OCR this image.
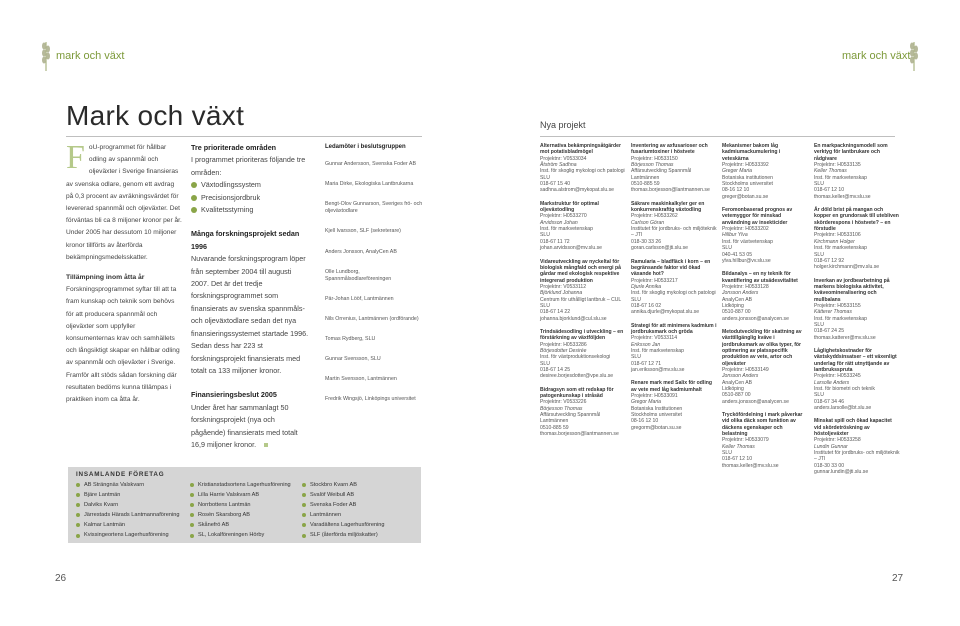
mark och växt	mark och växt
Mark och växt	Nya projekt
F oU-programmet för hållbar odling av spannmål och oljeväxter i Sverige finansieras av svenska odlare, genom ett avdrag på 0,3 procent av avräkningsvärdet för levererad spannmål och oljeväxter. Det förväntas bli ca 8 miljoner kronor per år. Under 2005 har dessutom 10 miljoner kronor tillförts av återförda bekämpningsmedelsskatter.

Tillämpning inom åtta år

Forskningsprogrammet syftar till att ta fram kunskap och teknik som behövs för att producera spannmål och oljeväxter som uppfyller konsumenternas krav och samhällets och långsiktigt skapar en hållbar odling av spannmål och oljeväxter i Sverige. Framför allt stöds sådan forskning där resultaten bedöms kunna tillämpas i praktiken inom ca åtta år.

Tre prioriterade områden

I programmet prioriteras följande tre områden:

Växtodlingssystem
Precisionsjordbruk
Kvalitetsstyrning
Många forskningsprojekt sedan 1996

Nuvarande forskningsprogram löper från september 2004 till augusti 2007. Det är det tredje forskningsprogrammet som finansierats av svenska spannmåls- och oljeväxtodlare sedan det nya finansieringssystemet startade 1996. Sedan dess har 223 st forskningsprojekt finansierats med totalt ca 133 miljoner kronor.

Finansieringsbeslut 2005

Under året har sammanlagt 50 forskningsprojekt (nya och pågående) finansierats med totalt 16,9 miljoner kronor.

Ledamöter i beslutsgruppen
Gunnar Andersson, Svenska Foder AB
Maria Dirke, Ekologiska Lantbrukarna
Bengt-Olov Gunnarson, Sveriges frö- och oljeväxtodlare
Kjell Ivarsson, SLF (sekreterare)
Anders Jonsson, AnalyCen AB
Olle Lundborg, Spannmålsodlareföreningen
Pär-Johan Lööf, Lantmännen
Nils Orrenius, Lantmännen (ordförande)
Tomas Rydberg, SLU
Gunnar Svensson, SLU
Martin Svensson, Lantmännen
Fredrik Wingsjö, Linköpings universitet
Alternativa bekämpningsåtgärder mot potatisbladmögel
Projektnr: V0533034
Åtström Sadhna
Inst. för skoglig mykologi och patologi
SLU
018-67 15 40
sadhna.alstrom@mykopat.slu.se
Markstruktur för optimal oljeväxtodling
Projektnr: H0533270
Arvidsson Johan
Inst. för markvetenskap
SLU
018-67 11 72
johan.arvidsson@mv.slu.se
Vidareutveckling av nyckeltal för biologisk mångfald och energi på gårdar med ekologisk respektive integrerad produktion
Projektnr: V0533112
Björklund Johanna
Centrum för uthålligt lantbruk – CUL
SLU
018-67 14 22
johanna.bjorklund@cul.slu.se
Trindsädesodling i utveckling – en förstärkning av växtföljden
Projektnr: H0533286
Börjesdotter Desirée
Inst. för växtproduktionsekologi
SLU
018-67 14 25
desiree.borjesdotter@vpe.slu.se
Bidragsyn som ett redskap för patogenkunskap i stråsäd
Projektnr: V0533226
Börjesson Thomas
Affärsutveckling Spannmål
Lantmännen
0510-885 59
thomas.borjesson@lantmannen.se
Inventering av axfusarioser och fusariumtoxiner i höstvete
Projektnr: H0533150
Börjesson Thomas
Affärsutveckling Spannmål
Lantmännen
0510-885 59
thomas.borjesson@lantmannen.se
Säkrare maskinkalkyler ger en konkurrenskraftig växtodling
Projektnr: H0533262
Carlson Göran
Institutet för jordbruks- och miljöteknik – JTI
018-30 33 26
goran.carlsson@jti.slu.se
Ramularia – bladfläck i korn – en begränsande faktor vid ökad växande hot?
Projektnr: H0533217
Djurle Annika
Inst. för skoglig mykologi och patologi
SLU
018-67 16 02
annika.djurle@mykopat.slu.se
Strategi för att minimera kadmium i jordbruksmark och gröda
Projektnr: V0533114
Eriksson Jan
Inst. för markvetenskap
SLU
018-67 12 71
jan.eriksson@mv.slu.se
Renare mark med Salix för odling av vete med låg kadmiumhalt
Projektnr: H0533091
Gregor Maria
Botaniska Institutionen
Stockholms universitet
08-16 12 10
gregorm@botan.su.se
Mekanismer bakom låg kadmiumackumulering i veteskärna
Projektnr: H0533392
Greger Maria
Botaniska institutionen
Stockholms universitet
08-16 12 10
greger@botan.su.se
Feromonbaserad prognos av vetemyggor för minskad användning av insekticider
Projektnr: H0533202
Hillbur Ylva
Inst. för växtvetenskap
SLU
040-41 53 05
ylva.hillbur@vv.slu.se
Bildanalys – en ny teknik för kvantifiering av utsädesvitalitet
Projektnr: H0533128
Jonsson Anders
AnalyCen AB
Lidköping
0510-887 00
anders.jonsson@analycen.se
Metodutveckling för skattning av växttillgänglig kväve i jordbruksmark av olika typer, för optimering av platsspecifik produktion av vete, artor och oljeväxter
Projektnr: H0533149
Jonsson Anders
AnalyCen AB
Lidköping
0510-887 00
anders.jonsson@analycen.se
Trycköfördelning i mark påverkar vid olika däck som funktion av däckens egenskaper och belastning
Projektnr: H0533079
Keller Thomas
SLU
018-67 12 10
thomas.keller@mv.slu.se
En markpackningsmodell som verktyg för lantbrukare och rådgivare
Projektnr: H0533135
Keller Thomas
Inst. för markvetenskap
SLU
018-67 12 10
thomas.keller@mv.slu.se
Är döld brist på mangan och kopper en grundorsak till utebliven skörderespons i höstvete? – en förstudie
Projektnr: H0533106
Kirchmann Holger
Inst. för markvetenskap
SLU
018-67 12 92
holger.kirchmann@mv.slu.se
Inverkan av jordbearbetning på markens biologiska aktivitet, kväveomineralisering och mullbalans
Projektnr: H0533155
Kätterer Thomas
Inst. för markvetenskap
SLU
018-67 24 25
thomas.katterer@mv.slu.se
Låglighetskostnader för växtskyddsinsatser – ett växenligt underlag för rätt utnyttjande av lantbruksspruta
Projektnr: H0533245
Larsolle Anders
Inst. för biometri och teknik
SLU
018-67 34 46
anders.larsolle@bt.slu.se
Minskat spill och ökad kapacitet vid skördetröskning av höstoljeväxter
Projektnr: H0533258
Lundin Gunnar
Institutet för jordbruks- och miljöteknik – JTI
018-30 33 00
gunnar.lundin@jti.slu.se
INSAMLANDE FÖRETAG
AB Strängnäs Valskvarn
Bjäre Lantmän
Dalviks Kvarn
Järrestads Härads Lantmannaförening
Kalmar Lantmän
Kvissingeortens Lagerhusförening
Kristianstadsortens Lagerhusförening
Lilla Harrie Valskvarn AB
Norrbottens Lantmän
Rosén Skarsborg AB
Skånefrö AB
SL, Lokalföreningen Hörby
Stockbro Kvarn AB
Svalöf Weibull AB
Svenska Foder AB
Lantmännen
Varadältens Lagerhusförening
SLF (återförda miljöskatter)
26	27
